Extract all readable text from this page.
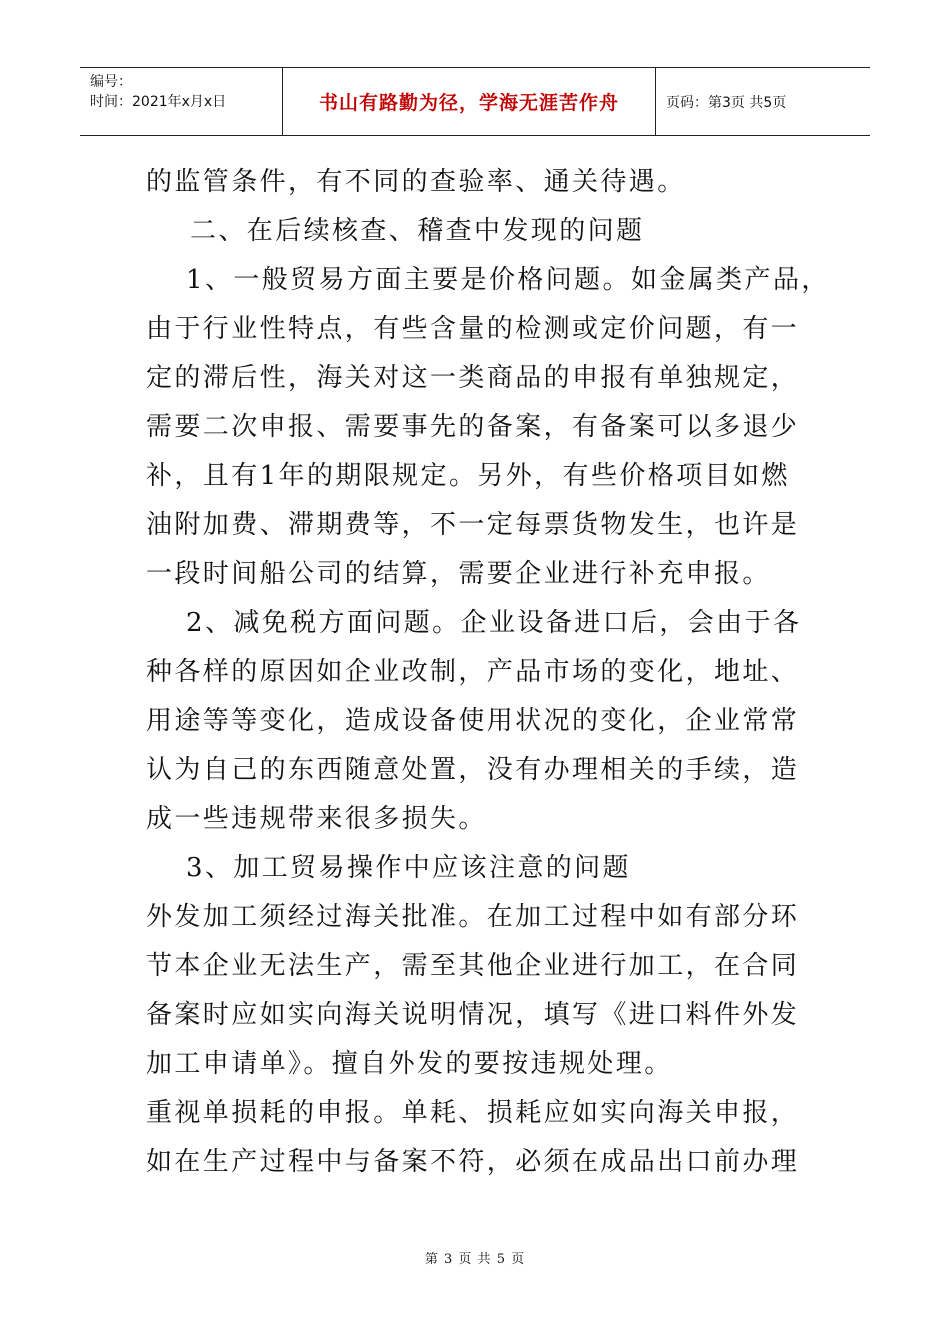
编号：
时间：2021年x月x日	书山有路勤为径，学海无涯苦作舟	页码：第3页 共5页
的监管条件，有不同的查验率、通关待遇。
二、在后续核查、稽查中发现的问题
1、一般贸易方面主要是价格问题。如金属类产品，
由于行业性特点，有些含量的检测或定价问题，有一
定的滞后性，海关对这一类商品的申报有单独规定，
需要二次申报、需要事先的备案，有备案可以多退少
补，且有1年的期限规定。另外，有些价格项目如燃
油附加费、滞期费等，不一定每票货物发生，也许是
一段时间船公司的结算，需要企业进行补充申报。
2、减免税方面问题。企业设备进口后，会由于各
种各样的原因如企业改制，产品市场的变化，地址、
用途等等变化，造成设备使用状况的变化，企业常常
认为自己的东西随意处置，没有办理相关的手续，造
成一些违规带来很多损失。
3、加工贸易操作中应该注意的问题
外发加工须经过海关批准。在加工过程中如有部分环
节本企业无法生产，需至其他企业进行加工，在合同
备案时应如实向海关说明情况，填写《进口料件外发
加工申请单》。擅自外发的要按违规处理。
重视单损耗的申报。单耗、损耗应如实向海关申报，
如在生产过程中与备案不符，必须在成品出口前办理
第 3 页 共 5 页
